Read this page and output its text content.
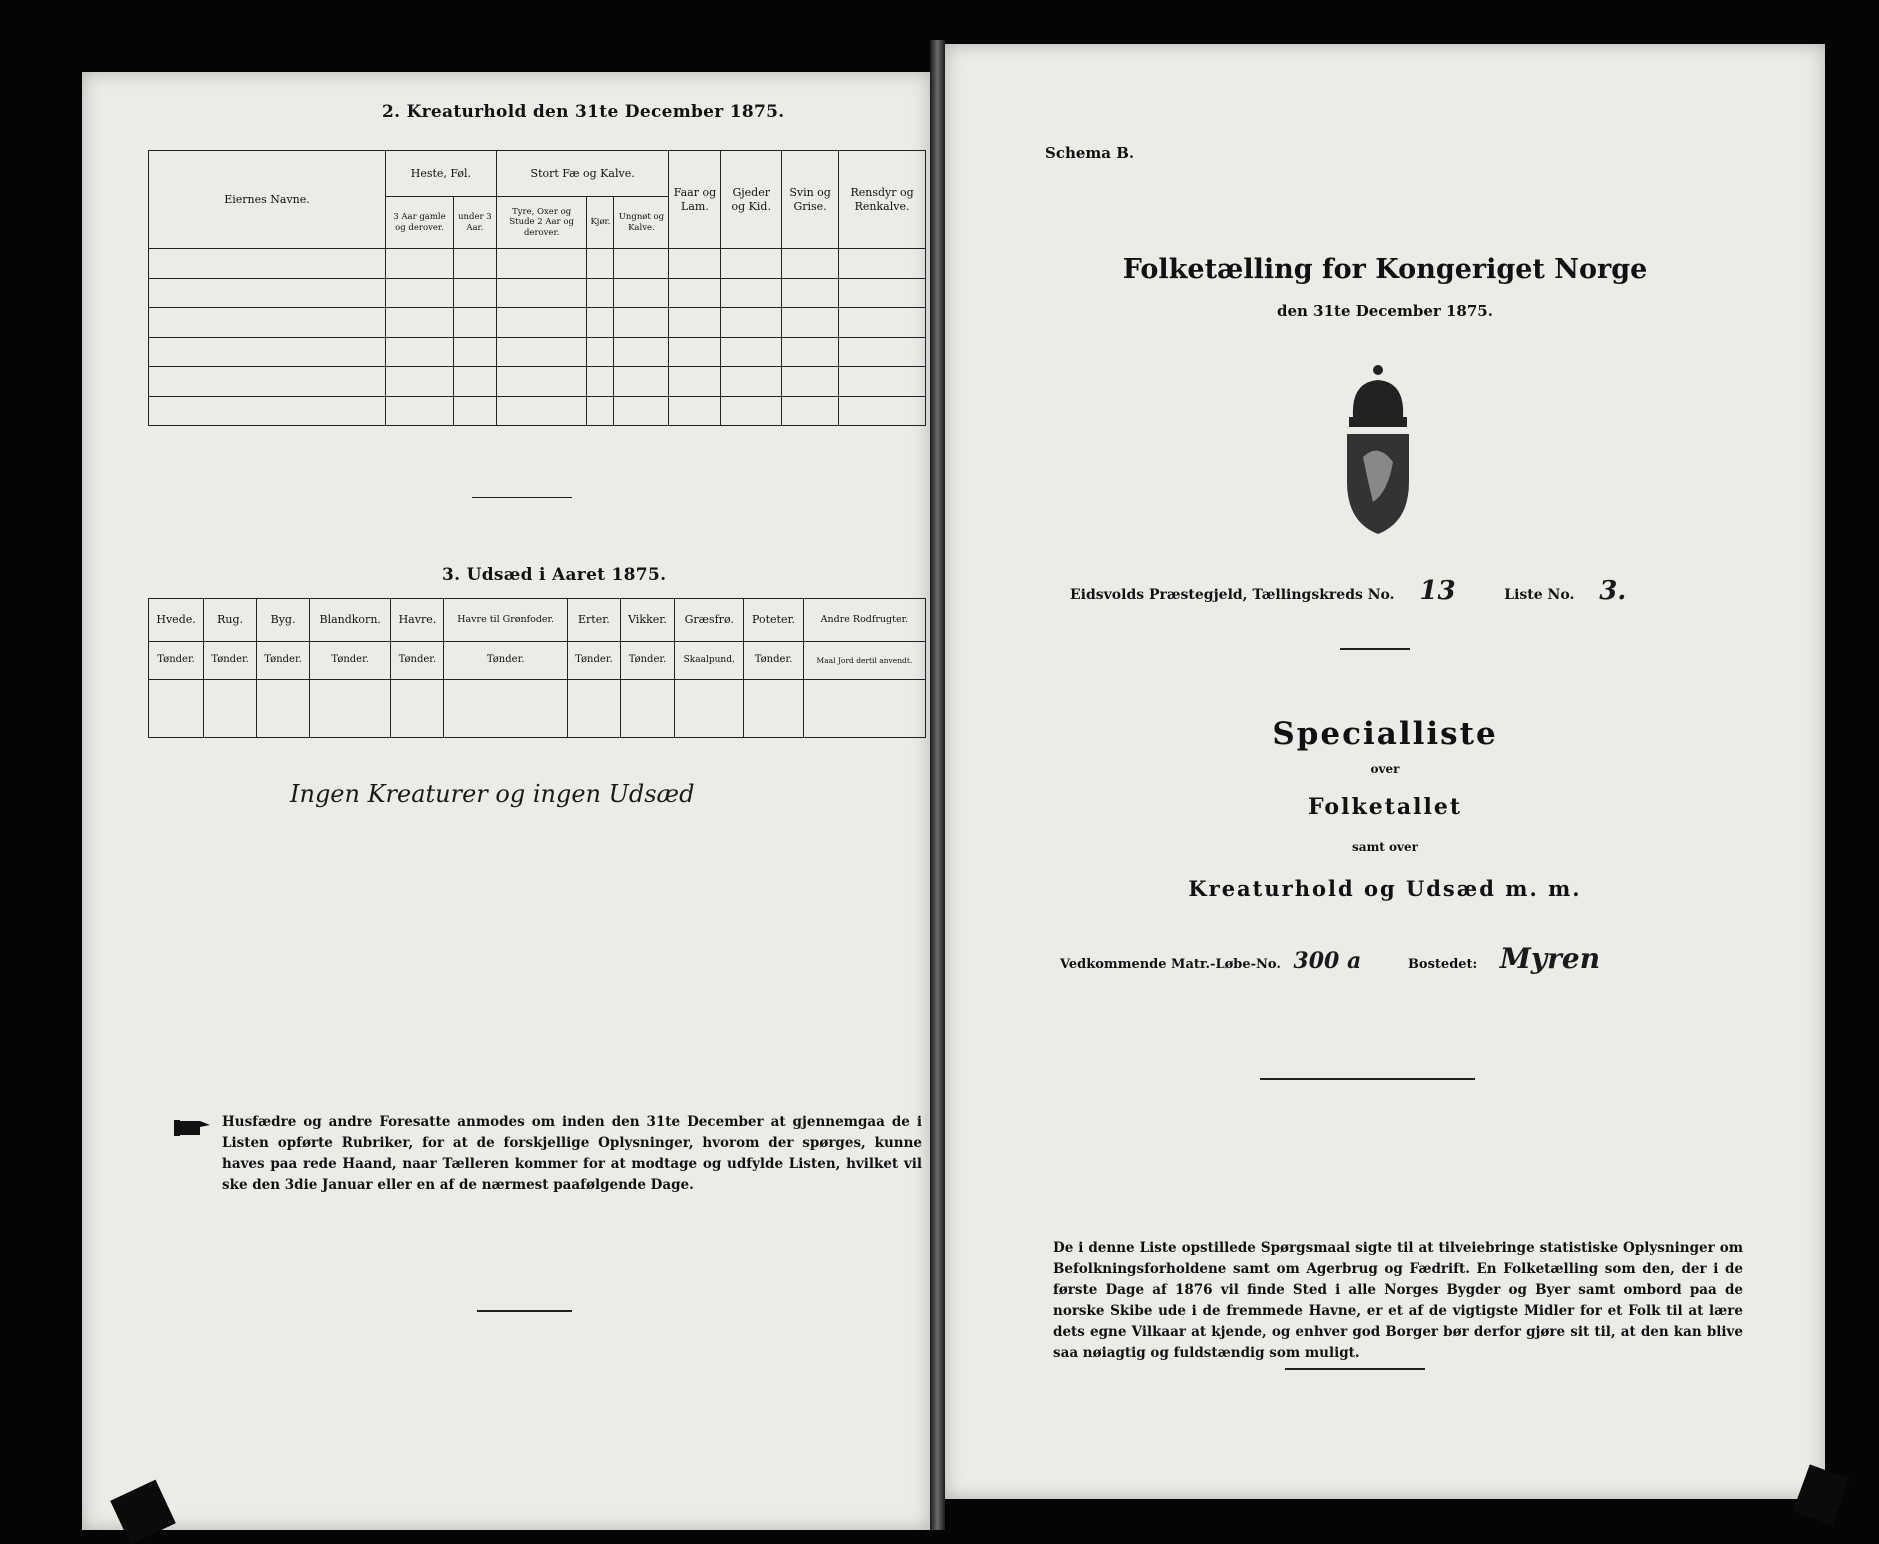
2. Kreaturhold den 31te December 1875.
Eiernes Navne.	Heste, Føl.		Stort Fæ og Kalve.			Faar og Lam.	Gjeder og Kid.	Svin og Grise.	Rensdyr og Renkalve.
	3 Aar gamle og derover.	under 3 Aar.	Tyre, Oxer og Stude 2 Aar og derover.	Kjør.	Ungnøt og Kalve.				

3. Udsæd i Aaret 1875.
Hvede.	Rug.	Byg.	Blandkorn.	Havre.	Havre til Grønfoder.	Erter.	Vikker.	Græsfrø.	Poteter.	Andre Rodfrugter.
Tønder.	Tønder.	Tønder.	Tønder.	Tønder.	Tønder.	Tønder.	Tønder.	Skaalpund.	Tønder.	Maal Jord dertil anvendt.

Ingen Kreaturer og ingen Udsæd
Husfædre og andre Foresatte anmodes om inden den 31te December at gjennemgaa de i Listen opførte Rubriker, for at de forskjellige Oplysninger, hvorom der spørges, kunne haves paa rede Haand, naar Tælleren kommer for at modtage og udfylde Listen, hvilket vil ske den 3die Januar eller en af de nærmest paafølgende Dage.
Schema B.
Folketælling for Kongeriget Norge
den 31te December 1875.
Eidsvolds Præstegjeld, Tællingskreds No. 13	Liste No. 3.
Specialliste
over
Folketallet
samt over
Kreaturhold og Udsæd m. m.
Vedkommende Matr.-Løbe-No. 300 a	Bostedet: Myren
De i denne Liste opstillede Spørgsmaal sigte til at tilveiebringe statistiske Oplysninger om Befolkningsforholdene samt om Agerbrug og Fædrift. En Folketælling som den, der i de første Dage af 1876 vil finde Sted i alle Norges Bygder og Byer samt ombord paa de norske Skibe ude i de fremmede Havne, er et af de vigtigste Midler for et Folk til at lære dets egne Vilkaar at kjende, og enhver god Borger bør derfor gjøre sit til, at den kan blive saa nøiagtig og fuldstændig som muligt.
